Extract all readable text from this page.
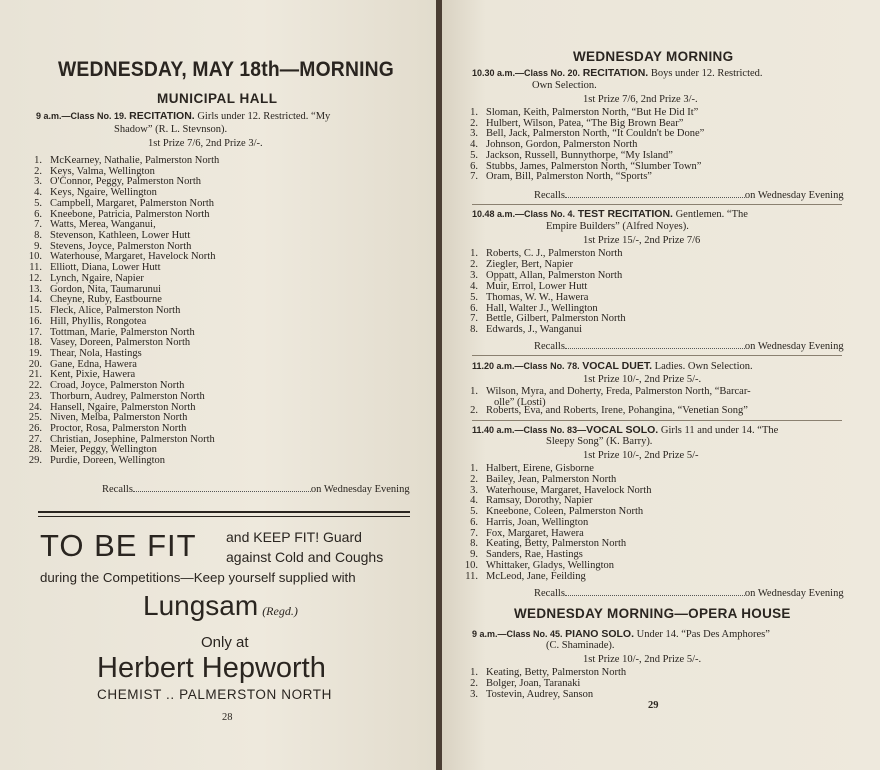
WEDNESDAY, MAY 18th—MORNING
MUNICIPAL HALL
9 a.m.—Class No. 19. RECITATION. Girls under 12. Restricted. “My
Shadow” (R. L. Stevnson).
1st Prize 7/6, 2nd Prize 3/-.
1. McKearney, Nathalie, Palmerston North
2. Keys, Valma, Wellington
3. O'Connor, Peggy, Palmerston North
4. Keys, Ngaire, Wellington
5. Campbell, Margaret, Palmerston North
6. Kneebone, Patricia, Palmerston North
7. Watts, Merea, Wanganui,
8. Stevenson, Kathleen, Lower Hutt
9. Stevens, Joyce, Palmerston North
10. Waterhouse, Margaret, Havelock North
11. Elliott, Diana, Lower Hutt
12. Lynch, Ngaire, Napier
13. Gordon, Nita, Taumarunui
14. Cheyne, Ruby, Eastbourne
15. Fleck, Alice, Palmerston North
16. Hill, Phyllis, Rongotea
17. Tottman, Marie, Palmerston North
18. Vasey, Doreen, Palmerston North
19. Thear, Nola, Hastings
20. Gane, Edna, Hawera
21. Kent, Pixie, Hawera
22. Croad, Joyce, Palmerston North
23. Thorburn, Audrey, Palmerston North
24. Hansell, Ngaire, Palmerston North
25. Niven, Melba, Palmerston North
26. Proctor, Rosa, Palmerston North
27. Christian, Josephine, Palmerston North
28. Meier, Peggy, Wellington
29. Purdie, Doreen, Wellington
Recalls	on Wednesday Evening
TO BE FIT and KEEP FIT! Guard
against Cold and Coughs
during the Competitions—Keep yourself supplied with
Lungsam (Regd.)
Only at
Herbert Hepworth
CHEMIST .. PALMERSTON NORTH
28
WEDNESDAY MORNING
10.30 a.m.—Class No. 20. RECITATION. Boys under 12. Restricted.
Own Selection.
1st Prize 7/6, 2nd Prize 3/-.
1. Sloman, Keith, Palmerston North, “But He Did It”
2. Hulbert, Wilson, Patea, “The Big Brown Bear”
3. Bell, Jack, Palmerston North, “It Couldn't be Done”
4. Johnson, Gordon, Palmerston North
5. Jackson, Russell, Bunnythorpe, “My Island”
6. Stubbs, James, Palmerston North, “Slumber Town”
7. Oram, Bill, Palmerston North, “Sports”
Recalls	on Wednesday Evening
10.48 a.m.—Class No. 4. TEST RECITATION. Gentlemen. “The
Empire Builders” (Alfred Noyes).
1st Prize 15/-, 2nd Prize 7/6
1. Roberts, C. J., Palmerston North
2. Ziegler, Bert, Napier
3. Oppatt, Allan, Palmerston North
4. Muir, Errol, Lower Hutt
5. Thomas, W. W., Hawera
6. Hall, Walter J., Wellington
7. Bettle, Gilbert, Palmerston North
8. Edwards, J., Wanganui
Recalls	on Wednesday Evening
11.20 a.m.—Class No. 78. VOCAL DUET. Ladies. Own Selection.
1st Prize 10/-, 2nd Prize 5/-.
1. Wilson, Myra, and Doherty, Freda, Palmerston North, “Barcar-
olle” (Losti)
2. Roberts, Eva, and Roberts, Irene, Pohangina, “Venetian Song”
11.40 a.m.—Class No. 83—VOCAL SOLO. Girls 11 and under 14. “The
Sleepy Song” (K. Barry).
1st Prize 10/-, 2nd Prize 5/-
1. Halbert, Eirene, Gisborne
2. Bailey, Jean, Palmerston North
3. Waterhouse, Margaret, Havelock North
4. Ramsay, Dorothy, Napier
5. Kneebone, Coleen, Palmerston North
6. Harris, Joan, Wellington
7. Fox, Margaret, Hawera
8. Keating, Betty, Palmerston North
9. Sanders, Rae, Hastings
10. Whittaker, Gladys, Wellington
11. McLeod, Jane, Feilding
Recalls	on Wednesday Evening
WEDNESDAY MORNING—OPERA HOUSE
9 a.m.—Class No. 45. PIANO SOLO. Under 14. “Pas Des Amphores”
(C. Shaminade).
1st Prize 10/-, 2nd Prize 5/-.
1. Keating, Betty, Palmerston North
2. Bolger, Joan, Taranaki
3. Tostevin, Audrey, Sanson
29
